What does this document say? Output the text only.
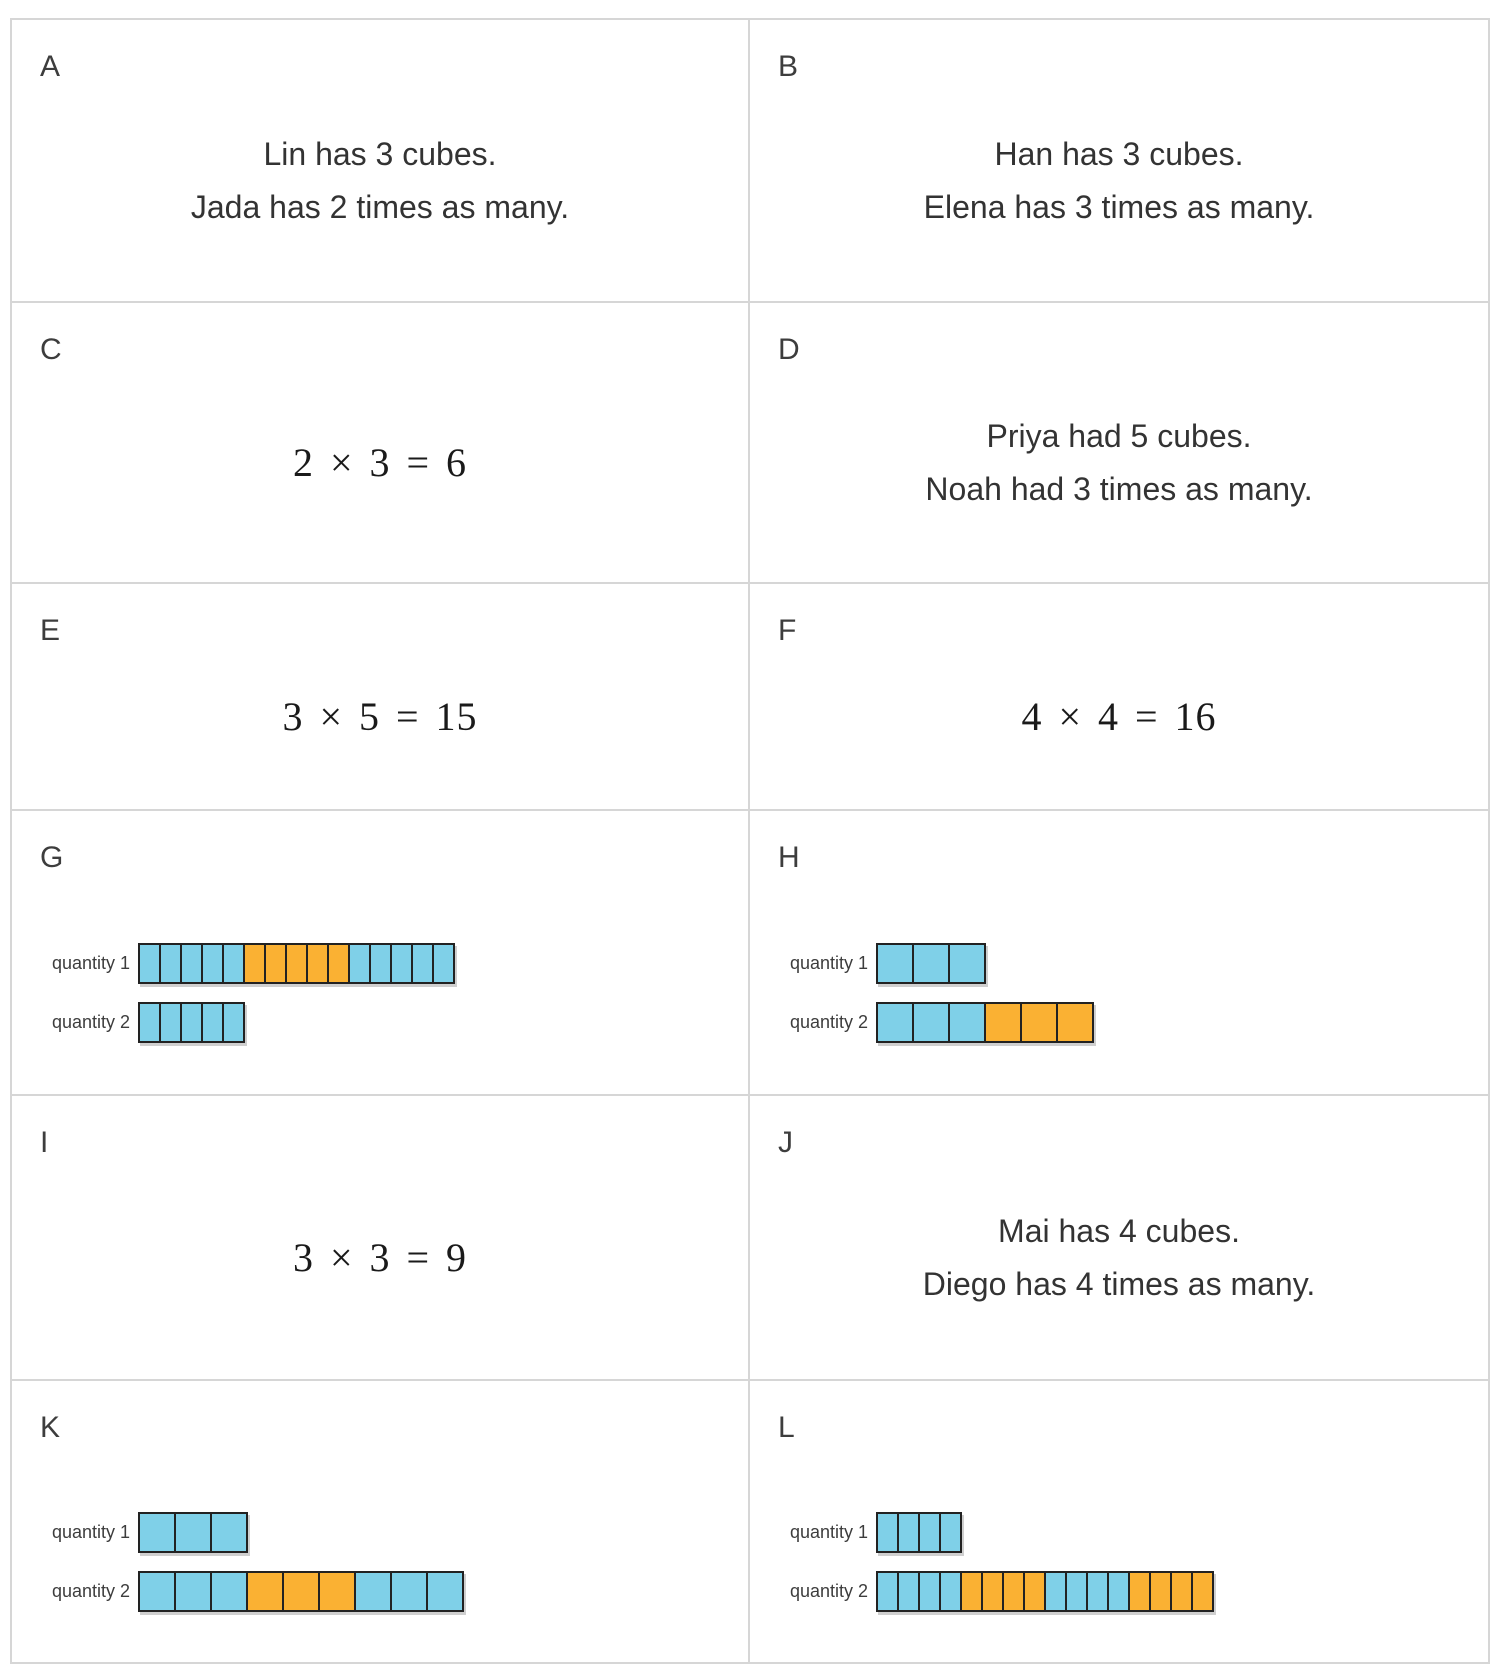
A
Lin has 3 cubes.
Jada has 2 times as many.
B
Han has 3 cubes.
Elena has 3 times as many.
C
2 × 3 = 6
D
Priya had 5 cubes.
Noah had 3 times as many.
E
3 × 5 = 15
F
4 × 4 = 16
G
quantity 1
quantity 2
H
quantity 1
quantity 2
I
3 × 3 = 9
J
Mai has 4 cubes.
Diego has 4 times as many.
K
quantity 1
quantity 2
L
quantity 1
quantity 2
